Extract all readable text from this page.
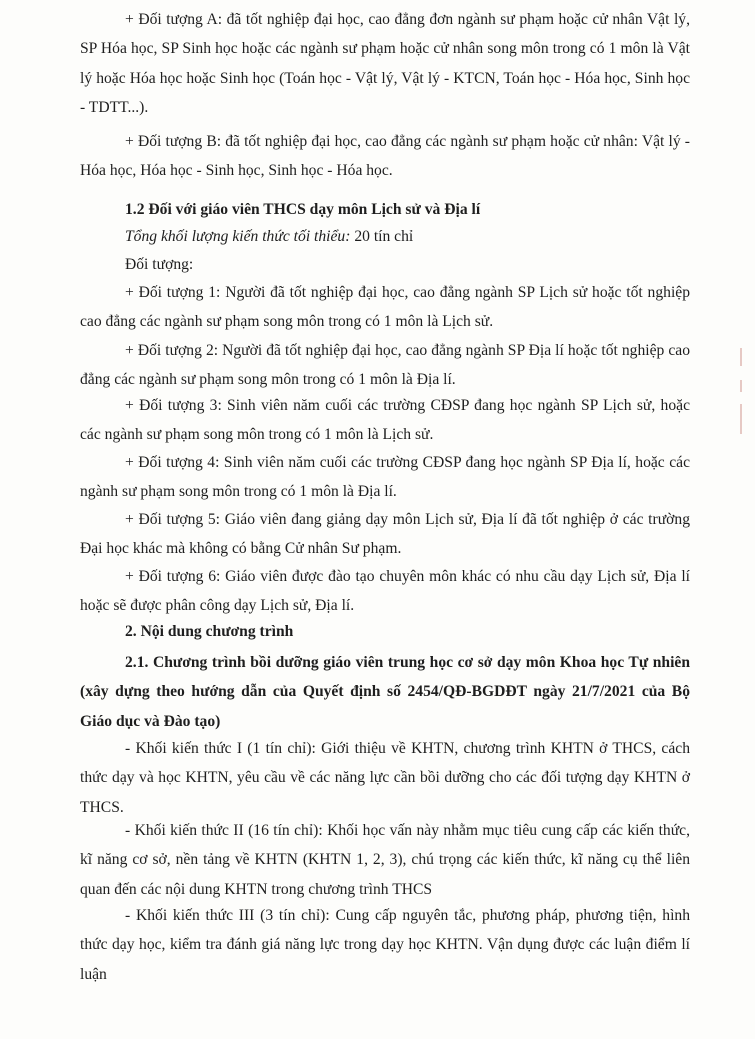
+ Đối tượng A: đã tốt nghiệp đại học, cao đẳng đơn ngành sư phạm hoặc cử nhân Vật lý, SP Hóa học, SP Sinh học hoặc các ngành sư phạm hoặc cử nhân song môn trong có 1 môn là Vật lý hoặc Hóa học hoặc Sinh học (Toán học - Vật lý, Vật lý - KTCN, Toán học - Hóa học, Sinh học - TDTT...).
+ Đối tượng B: đã tốt nghiệp đại học, cao đẳng các ngành sư phạm hoặc cử nhân: Vật lý - Hóa học, Hóa học - Sinh học, Sinh học - Hóa học.
1.2 Đối với giáo viên THCS dạy môn Lịch sử và Địa lí
Tổng khối lượng kiến thức tối thiểu: 20 tín chỉ
Đối tượng:
+ Đối tượng 1: Người đã tốt nghiệp đại học, cao đẳng ngành SP Lịch sử hoặc tốt nghiệp cao đẳng các ngành sư phạm song môn trong có 1 môn là Lịch sử.
+ Đối tượng 2: Người đã tốt nghiệp đại học, cao đẳng ngành SP Địa lí hoặc tốt nghiệp cao đẳng các ngành sư phạm song môn trong có 1 môn là Địa lí.
+ Đối tượng 3: Sinh viên năm cuối các trường CĐSP đang học ngành SP Lịch sử, hoặc các ngành sư phạm song môn trong có 1 môn là Lịch sử.
+ Đối tượng 4: Sinh viên năm cuối các trường CĐSP đang học ngành SP Địa lí, hoặc các ngành sư phạm song môn trong có 1 môn là Địa lí.
+ Đối tượng 5: Giáo viên đang giảng dạy môn Lịch sử, Địa lí đã tốt nghiệp ở các trường Đại học khác mà không có bằng Cử nhân Sư phạm.
+ Đối tượng 6: Giáo viên được đào tạo chuyên môn khác có nhu cầu dạy Lịch sử, Địa lí hoặc sẽ được phân công dạy Lịch sử, Địa lí.
2. Nội dung chương trình
2.1. Chương trình bồi dưỡng giáo viên trung học cơ sở dạy môn Khoa học Tự nhiên (xây dựng theo hướng dẫn của Quyết định số 2454/QĐ-BGDĐT ngày 21/7/2021 của Bộ Giáo dục và Đào tạo)
- Khối kiến thức I (1 tín chỉ): Giới thiệu về KHTN, chương trình KHTN ở THCS, cách thức dạy và học KHTN, yêu cầu về các năng lực cần bồi dưỡng cho các đối tượng dạy KHTN ở THCS.
- Khối kiến thức II (16 tín chỉ): Khối học vấn này nhằm mục tiêu cung cấp các kiến thức, kĩ năng cơ sở, nền tảng về KHTN (KHTN 1, 2, 3), chú trọng các kiến thức, kĩ năng cụ thể liên quan đến các nội dung KHTN trong chương trình THCS
- Khối kiến thức III (3 tín chỉ): Cung cấp nguyên tắc, phương pháp, phương tiện, hình thức dạy học, kiểm tra đánh giá năng lực trong dạy học KHTN. Vận dụng được các luận điểm lí luận
